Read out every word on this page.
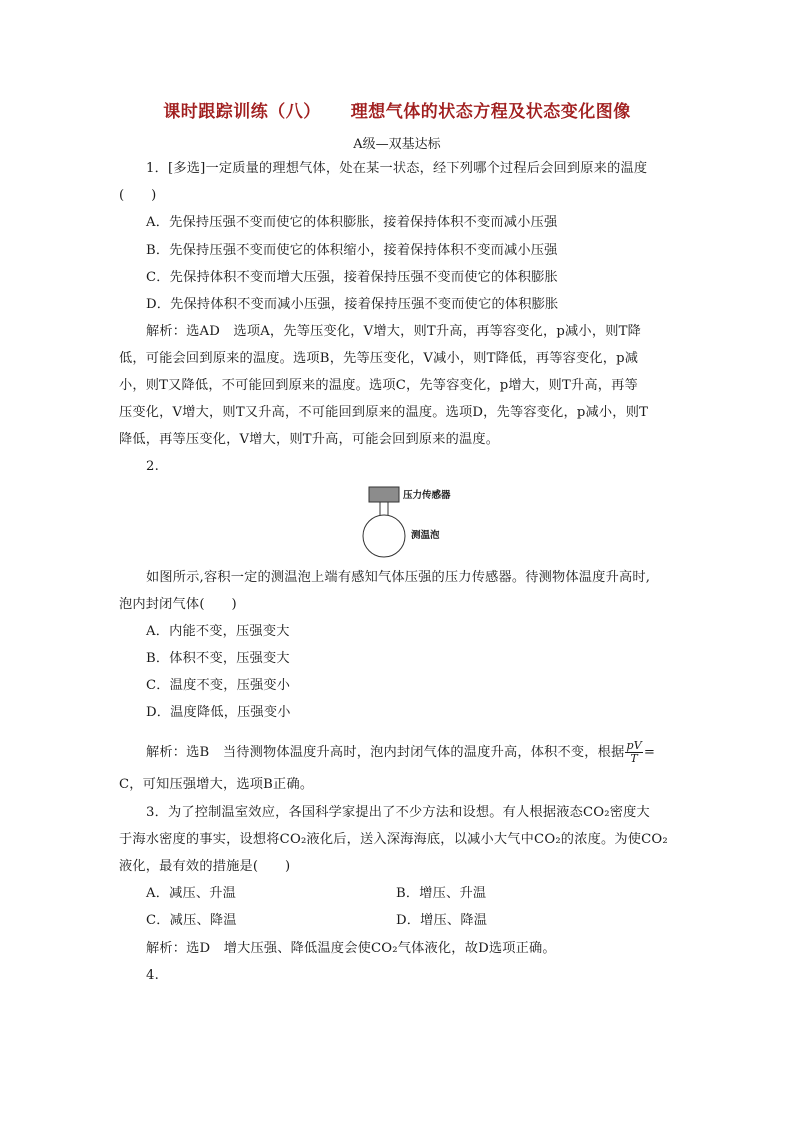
课时跟踪训练（八） 理想气体的状态方程及状态变化图像
A级—双基达标
1．[多选]一定质量的理想气体，处在某一状态，经下列哪个过程后会回到原来的温度
(　　)
A．先保持压强不变而使它的体积膨胀，接着保持体积不变而减小压强
B．先保持压强不变而使它的体积缩小，接着保持体积不变而减小压强
C．先保持体积不变而增大压强，接着保持压强不变而使它的体积膨胀
D．先保持体积不变而减小压强，接着保持压强不变而使它的体积膨胀
解析：选AD　选项A，先等压变化，V增大，则T升高，再等容变化，p减小，则T降
低，可能会回到原来的温度。选项B，先等压变化，V减小，则T降低，再等容变化，p减
小，则T又降低，不可能回到原来的温度。选项C，先等容变化，p增大，则T升高，再等
压变化，V增大，则T又升高，不可能回到原来的温度。选项D，先等容变化，p减小，则T
降低，再等压变化，V增大，则T升高，可能会回到原来的温度。
2.
压力传感器
测温泡
如图所示,容积一定的测温泡上端有感知气体压强的压力传感器。待测物体温度升高时,
泡内封闭气体(　　)
A．内能不变，压强变大
B．体积不变，压强变大
C．温度不变，压强变小
D．温度降低，压强变小
解析：选B　当待测物体温度升高时，泡内封闭气体的温度升高，体积不变，根据 $\frac{pV}{T}$ =
C，可知压强增大，选项B正确。
3．为了控制温室效应，各国科学家提出了不少方法和设想。有人根据液态CO₂密度大
于海水密度的事实，设想将CO₂液化后，送入深海海底，以减小大气中CO₂的浓度。为使CO₂
液化，最有效的措施是(　　)
A．减压、升温	B．增压、升温
C．减压、降温	D．增压、降温
解析：选D　增大压强、降低温度会使CO₂气体液化，故D选项正确。
4.
